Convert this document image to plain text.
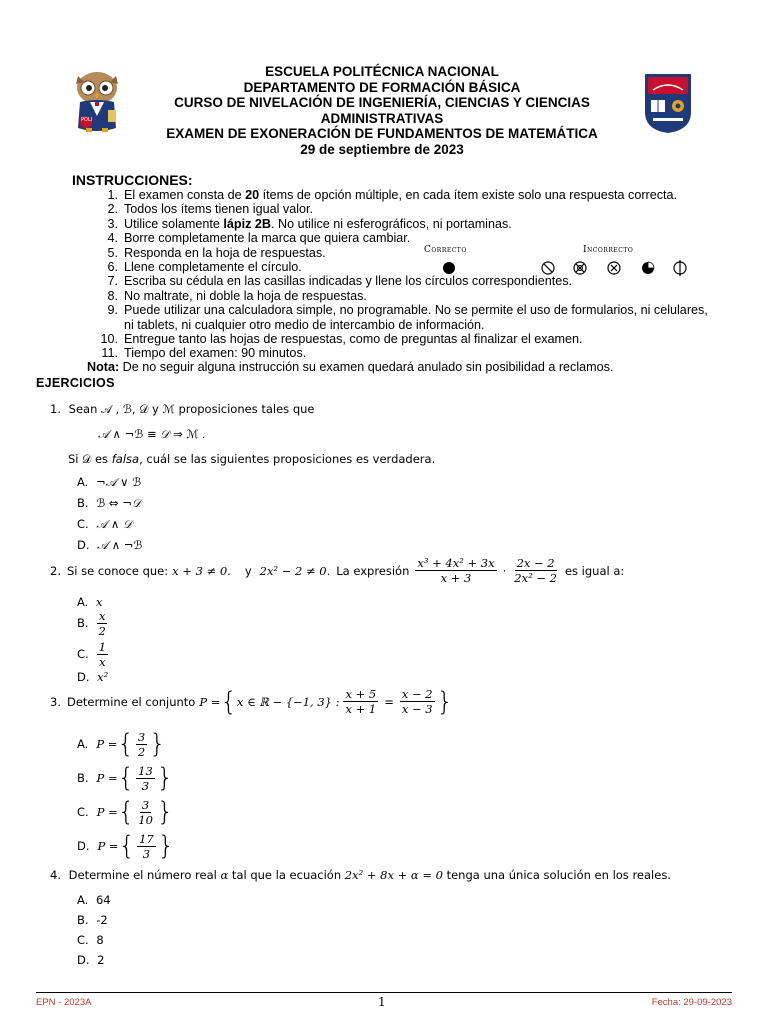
POLI
ESCUELA POLITÉCNICA NACIONAL
DEPARTAMENTO DE FORMACIÓN BÁSICA
CURSO DE NIVELACIÓN DE INGENIERÍA, CIENCIAS Y CIENCIAS
ADMINISTRATIVAS
EXAMEN DE EXONERACIÓN DE FUNDAMENTOS DE MATEMÁTICA
29 de septiembre de 2023
INSTRUCCIONES:
1. El examen consta de 20 ítems de opción múltiple, en cada ítem existe solo una respuesta correcta.
2. Todos los ítems tienen igual valor.
3. Utilice solamente lápiz 2B. No utilice ni esferográficos, ni portaminas.
4. Borre completamente la marca que quiera cambiar.
5. Responda en la hoja de respuestas.
6. Llene completamente el círculo.
7. Escriba su cédula en las casillas indicadas y llene los círculos correspondientes.
8. No maltrate, ni doble la hoja de respuestas.
9. Puede utilizar una calculadora simple, no programable. No se permite el uso de formularios, ni celulares, ni tablets, ni cualquier otro medio de intercambio de información.
10. Entregue tanto las hojas de respuestas, como de preguntas al finalizar el examen.
11. Tiempo del examen: 90 minutos.
Correcto	Incorrecto
Nota: De no seguir alguna instrucción su examen quedará anulado sin posibilidad a reclamos.
EJERCICIOS
1. Sean 𝒜 , ℬ, 𝒟 y ℳ proposiciones tales que
𝒜 ∧ ¬ℬ ≡ 𝒟 ⇒ ℳ .
Si 𝒟 es falsa, cuál se las siguientes proposiciones es verdadera.
A. ¬𝒜 ∨ ℬ
B. ℬ ⇔ ¬𝒟
C. 𝒜 ∧ 𝒟
D. 𝒜 ∧ ¬ℬ
2. Si se conoce que: x + 3 ≠ 0. y 2x² − 2 ≠ 0. La expresión $\frac{\text{x³ + 4x² + 3x}}{x + 3} \cdot \frac{2x - 2}{\text{2x² − 2}}$ es igual a:
A. x
B. $\frac{x}{2}$
C. $\frac{1}{x}$
D. x²
3. Determine el conjunto P = { x ∈ ℝ − {−1, 3} : $\frac{x + 5}{x + 1} = \frac{x - 2}{x - 3}$ }
A. P = { $\frac{3}{2}$ }
B. P = { $\frac{13}{3}$ }
C. P = { $\frac{3}{10}$ }
D. P = { $\frac{17}{3}$ }
4. Determine el número real α tal que la ecuación 2x² + 8x + α = 0 tenga una única solución en los reales.
A. 64
B. -2
C. 8
D. 2
EPN - 2023A	1	Fecha: 29-09-2023
